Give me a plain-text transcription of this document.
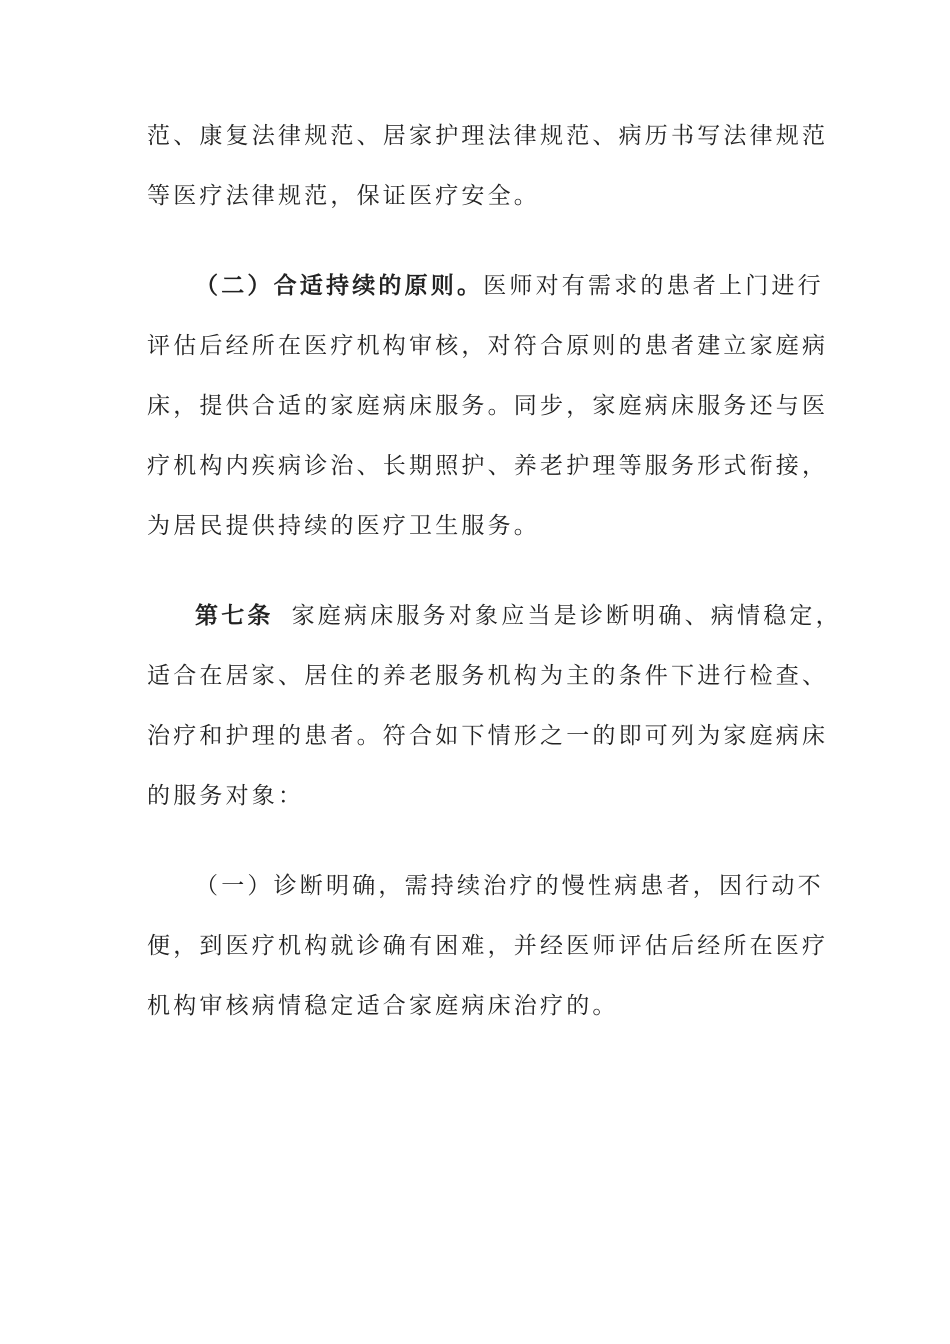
范、康复法律规范、居家护理法律规范、病历书写法律规范
等医疗法律规范，保证医疗安全。
（二）合适持续的原则。医师对有需求的患者上门进行
评估后经所在医疗机构审核，对符合原则的患者建立家庭病
床，提供合适的家庭病床服务。同步，家庭病床服务还与医
疗机构内疾病诊治、长期照护、养老护理等服务形式衔接，
为居民提供持续的医疗卫生服务。
第七条 家庭病床服务对象应当是诊断明确、病情稳定，
适合在居家、居住的养老服务机构为主的条件下进行检查、
治疗和护理的患者。符合如下情形之一的即可列为家庭病床
的服务对象：
（一）诊断明确，需持续治疗的慢性病患者，因行动不
便，到医疗机构就诊确有困难，并经医师评估后经所在医疗
机构审核病情稳定适合家庭病床治疗的。
